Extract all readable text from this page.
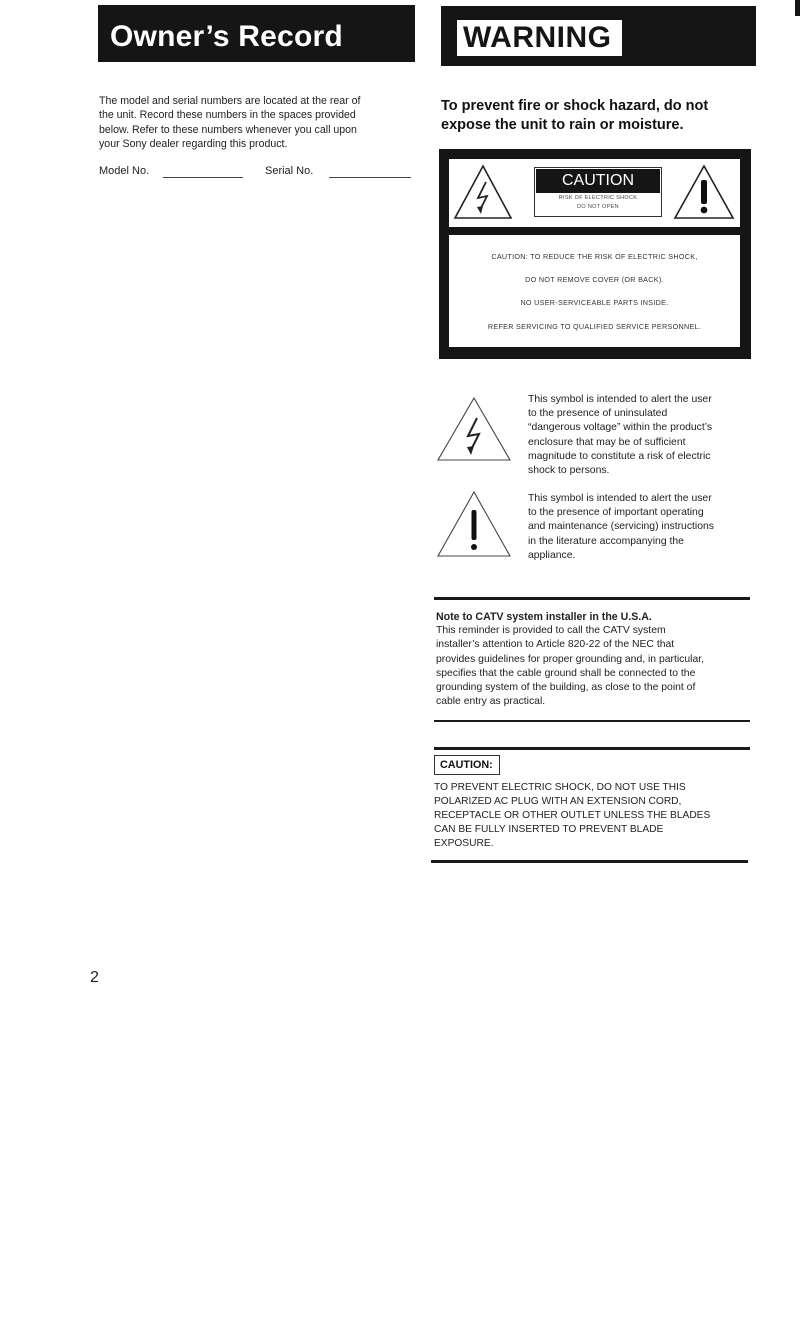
Owner’s Record
The model and serial numbers are located at the rear of
the unit. Record these numbers in the spaces provided
below. Refer to these numbers whenever you call upon
your Sony dealer regarding this product.
Model No.	Serial No.
WARNING
To prevent fire or shock hazard, do not
expose the unit to rain or moisture.
CAUTION
RISK OF ELECTRIC SHOCK
DO NOT OPEN
CAUTION: TO REDUCE THE RISK OF ELECTRIC SHOCK,
DO NOT REMOVE COVER (OR BACK).
NO USER-SERVICEABLE PARTS INSIDE.
REFER SERVICING TO QUALIFIED SERVICE PERSONNEL.
This symbol is intended to alert the user
to the presence of uninsulated
“dangerous voltage” within the product’s
enclosure that may be of sufficient
magnitude to constitute a risk of electric
shock to persons.
This symbol is intended to alert the user
to the presence of important operating
and maintenance (servicing) instructions
in the literature accompanying the
appliance.
Note to CATV system installer in the U.S.A.
This reminder is provided to call the CATV system
installer’s attention to Article 820-22 of the NEC that
provides guidelines for proper grounding and, in particular,
specifies that the cable ground shall be connected to the
grounding system of the building, as close to the point of
cable entry as practical.
CAUTION:
TO PREVENT ELECTRIC SHOCK, DO NOT USE THIS
POLARIZED AC PLUG WITH AN EXTENSION CORD,
RECEPTACLE OR OTHER OUTLET UNLESS THE BLADES
CAN BE FULLY INSERTED TO PREVENT BLADE
EXPOSURE.
2
